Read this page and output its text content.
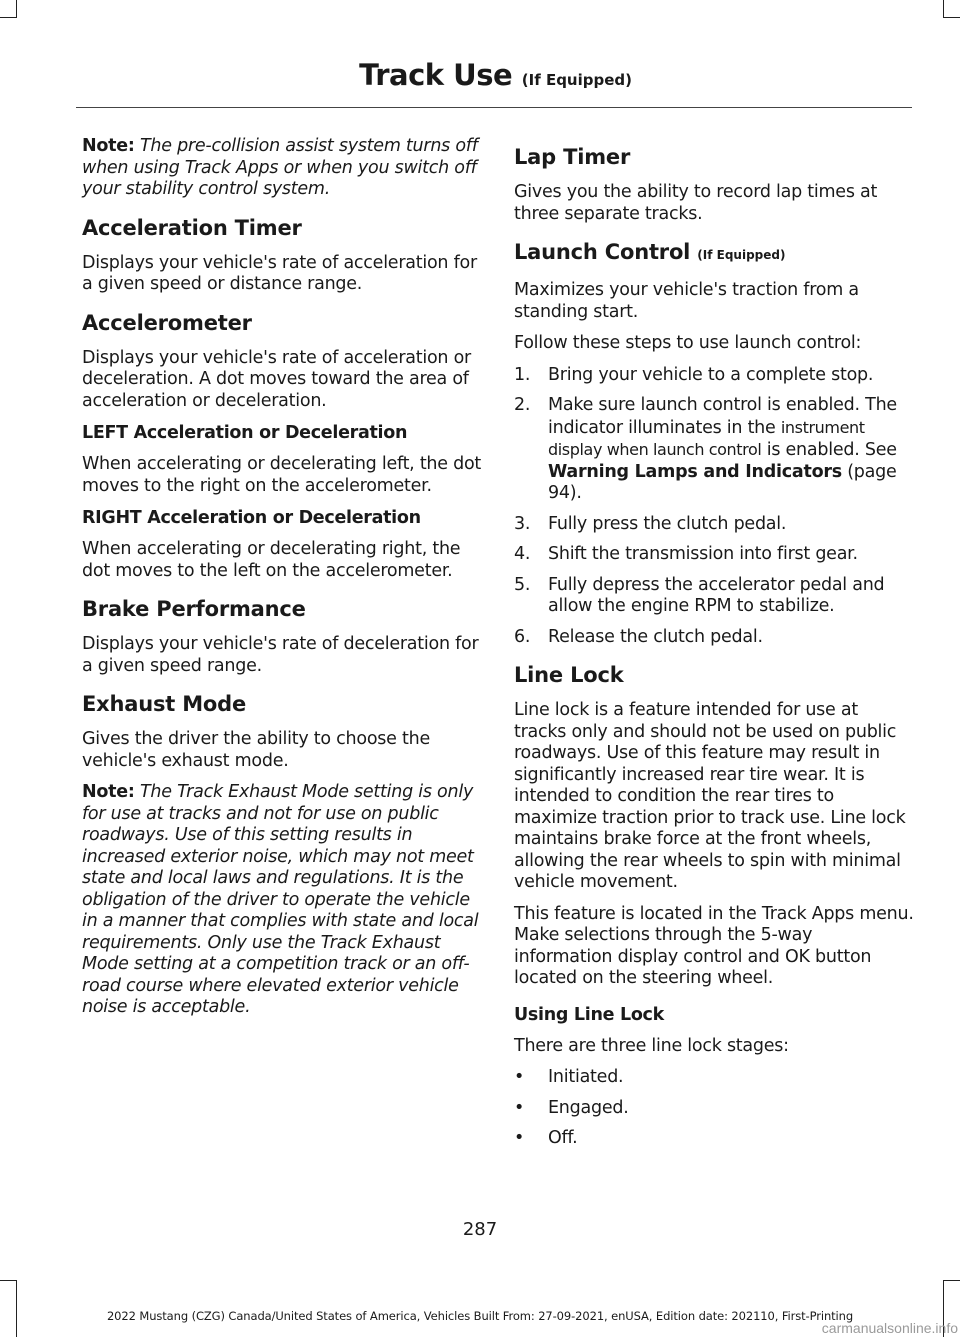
Track Use (If Equipped)

Note: The pre-collision assist system turns off when using Track Apps or when you switch off your stability control system.

Acceleration Timer

Displays your vehicle's rate of acceleration for a given speed or distance range.

Accelerometer

Displays your vehicle's rate of acceleration or deceleration. A dot moves toward the area of acceleration or deceleration.

LEFT Acceleration or Deceleration

When accelerating or decelerating left, the dot moves to the right on the accelerometer.

RIGHT Acceleration or Deceleration

When accelerating or decelerating right, the dot moves to the left on the accelerometer.

Brake Performance

Displays your vehicle's rate of deceleration for a given speed range.

Exhaust Mode

Gives the driver the ability to choose the vehicle's exhaust mode.

Note: The Track Exhaust Mode setting is only for use at tracks and not for use on public roadways. Use of this setting results in increased exterior noise, which may not meet state and local laws and regulations. It is the obligation of the driver to operate the vehicle in a manner that complies with state and local requirements. Only use the Track Exhaust Mode setting at a competition track or an off-road course where elevated exterior vehicle noise is acceptable.

Lap Timer

Gives you the ability to record lap times at three separate tracks.

Launch Control (If Equipped)

Maximizes your vehicle's traction from a standing start.

Follow these steps to use launch control:

1. Bring your vehicle to a complete stop.
2. Make sure launch control is enabled. The indicator illuminates in the instrument display when launch control is enabled. See Warning Lamps and Indicators (page 94).
3. Fully press the clutch pedal.
4. Shift the transmission into first gear.
5. Fully depress the accelerator pedal and allow the engine RPM to stabilize.
6. Release the clutch pedal.
Line Lock

Line lock is a feature intended for use at tracks only and should not be used on public roadways. Use of this feature may result in significantly increased rear tire wear. It is intended to condition the rear tires to maximize traction prior to track use. Line lock maintains brake force at the front wheels, allowing the rear wheels to spin with minimal vehicle movement.

This feature is located in the Track Apps menu. Make selections through the 5-way information display control and OK button located on the steering wheel.

Using Line Lock

There are three line lock stages:

• Initiated.
• Engaged.
• Off.
287
2022 Mustang (CZG) Canada/United States of America, Vehicles Built From: 27-09-2021, enUSA, Edition date: 202110, First-Printing
carmanualsonline.info
